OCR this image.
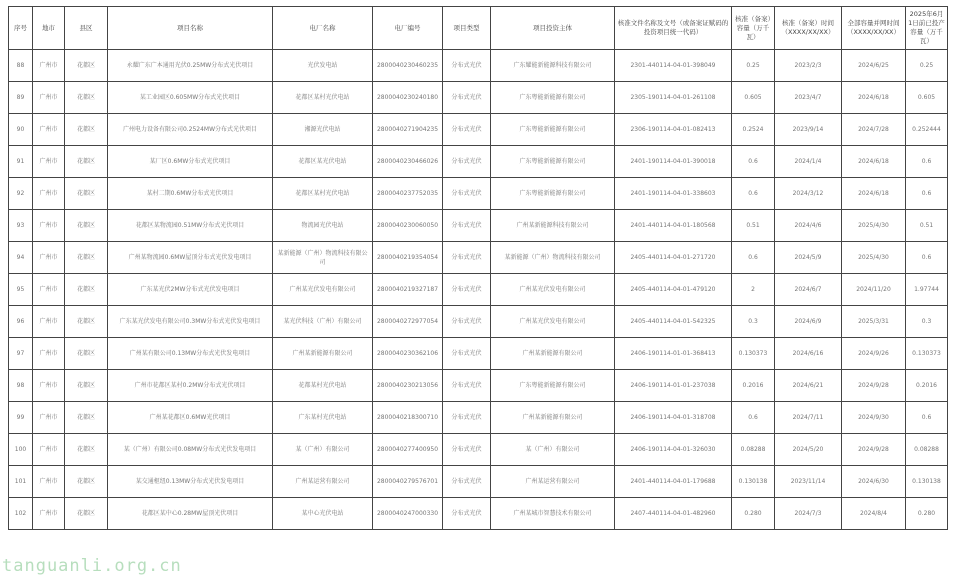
序号	地市	县区	项目名称	电厂名称	电厂编号	项目类型	项目投资主体	核准文件名称及文号（或备案证赋码的投资项目统一代码）	核准（备案）容量（万千瓦）	核准（备案）时间（XXXX/XX/XX）	全部容量并网时间（XXXX/XX/XX）	2025年6月1日前已投产容量（万千瓦）
88	广州市	花都区	永耀广东广本通用光伏0.25MW分布式光伏项目	光伏发电站	2800040230460235	分布式光伏	广东耀能新能源科技有限公司	2301-440114-04-01-398049	0.25	2023/2/3	2024/6/25	0.25
89	广州市	花都区	某工业园区0.605MW分布式光伏项目	花都区某村光伏电站	2800040230240180	分布式光伏	广东粤能新能源有限公司	2305-190114-04-01-261108	0.605	2023/4/7	2024/6/18	0.605
90	广州市	花都区	广州电力设备有限公司0.2524MW分布式光伏项目	湘源光伏电站	2800040271904235	分布式光伏	广东粤能新能源有限公司	2306-190114-04-01-082413	0.2524	2023/9/14	2024/7/28	0.252444
91	广州市	花都区	某厂区0.6MW分布式光伏项目	花都区某光伏电站	2800040230466026	分布式光伏	广东粤能新能源有限公司	2401-190114-04-01-390018	0.6	2024/1/4	2024/6/18	0.6
92	广州市	花都区	某村二期0.6MW分布式光伏项目	花都区某村光伏电站	2800040237752035	分布式光伏	广东粤能新能源有限公司	2401-190114-04-01-338603	0.6	2024/3/12	2024/6/18	0.6
93	广州市	花都区	花都区某物流园0.51MW分布式光伏项目	物流园光伏电站	2800040230060050	分布式光伏	广州某新能源科技有限公司	2401-440114-04-01-180568	0.51	2024/4/6	2025/4/30	0.51
94	广州市	花都区	广州某物流园0.6MW屋顶分布式光伏发电项目	某新能源（广州）物流科技有限公司	2800040219354054	分布式光伏	某新能源（广州）物流科技有限公司	2405-440114-04-01-271720	0.6	2024/5/9	2025/4/30	0.6
95	广州市	花都区	广东某光伏2MW分布式光伏发电项目	广州某光伏发电有限公司	2800040219327187	分布式光伏	广州某光伏发电有限公司	2405-440114-04-01-479120	2	2024/6/7	2024/11/20	1.97744
96	广州市	花都区	广东某光伏发电有限公司0.3MW分布式光伏发电项目	某光伏科技（广州）有限公司	2800040272977054	分布式光伏	广州某光伏发电有限公司	2405-440114-04-01-542325	0.3	2024/6/9	2025/3/31	0.3
97	广州市	花都区	广州某有限公司0.13MW分布式光伏发电项目	广州某新能源有限公司	2800040230362106	分布式光伏	广州某新能源有限公司	2406-190114-01-01-368413	0.130373	2024/6/16	2024/9/26	0.130373
98	广州市	花都区	广州市花都区某村0.2MW分布式光伏项目	花都某村光伏电站	2800040230213056	分布式光伏	广东粤能新能源有限公司	2406-190114-01-01-237038	0.2016	2024/6/21	2024/9/28	0.2016
99	广州市	花都区	广州某花都区0.6MW光伏项目	广东某村光伏电站	2800040218300710	分布式光伏	广州某新能源有限公司	2406-190114-04-01-318708	0.6	2024/7/11	2024/9/30	0.6
100	广州市	花都区	某（广州）有限公司0.08MW分布式光伏发电项目	某（广州）有限公司	2800040277400950	分布式光伏	某（广州）有限公司	2406-190114-04-01-326030	0.08288	2024/5/20	2024/9/28	0.08288
101	广州市	花都区	某交通枢纽0.13MW分布式光伏发电项目	广州某运营有限公司	2800040279576701	分布式光伏	广州某运营有限公司	2401-440114-04-01-179688	0.130138	2023/11/14	2024/6/30	0.130138
102	广州市	花都区	花都区某中心0.28MW屋顶光伏项目	某中心光伏电站	2800040247000330	分布式光伏	广州某城市智慧技术有限公司	2407-440114-04-01-482960	0.280	2024/7/3	2024/8/4	0.280
tanguanli.org.cn
